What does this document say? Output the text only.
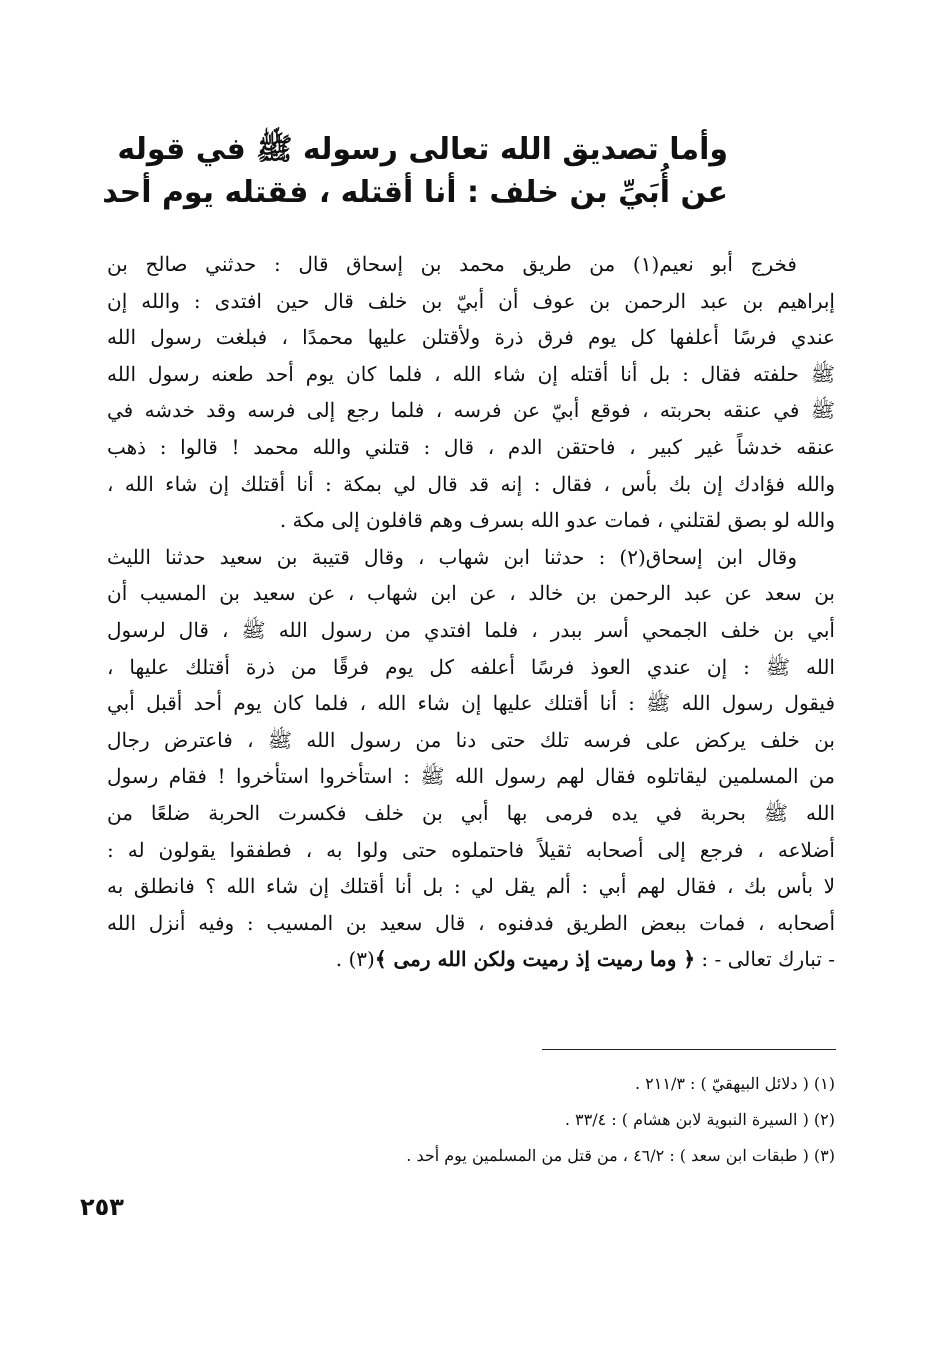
وأما تصديق الله تعالى رسوله ﷺ في قوله
عن أُبَيِّ بن خلف : أنا أقتله ، فقتله يوم أحد
فخرج أبو نعيم(١) من طريق محمد بن إسحاق قال : حدثني صالح بن
إبراهيم بن عبد الرحمن بن عوف أن أبيّ بن خلف قال حين افتدى : والله إن
عندي فرسًا أعلفها كل يوم فرق ذرة ولأقتلن عليها محمدًا ، فبلغت رسول الله
ﷺ حلفته فقال : بل أنا أقتله إن شاء الله ، فلما كان يوم أحد طعنه رسول الله
ﷺ في عنقه بحربته ، فوقع أبيّ عن فرسه ، فلما رجع إلى فرسه وقد خدشه في
عنقه خدشاً غير كبير ، فاحتقن الدم ، قال : قتلني والله محمد ! قالوا : ذهب
والله فؤادك إن بك بأس ، فقال : إنه قد قال لي بمكة : أنا أقتلك إن شاء الله ،
والله لو بصق لقتلني ، فمات عدو الله بسرف وهم قافلون إلى مكة .
وقال ابن إسحاق(٢) : حدثنا ابن شهاب ، وقال قتيبة بن سعيد حدثنا الليث
بن سعد عن عبد الرحمن بن خالد ، عن ابن شهاب ، عن سعيد بن المسيب أن
أبي بن خلف الجمحي أسر ببدر ، فلما افتدي من رسول الله ﷺ ، قال لرسول
الله ﷺ : إن عندي العوذ فرسًا أعلفه كل يوم فرقًا من ذرة أقتلك عليها ،
فيقول رسول الله ﷺ : أنا أقتلك عليها إن شاء الله ، فلما كان يوم أحد أقبل أبي
بن خلف يركض على فرسه تلك حتى دنا من رسول الله ﷺ ، فاعترض رجال
من المسلمين ليقاتلوه فقال لهم رسول الله ﷺ : استأخروا استأخروا ! فقام رسول
الله ﷺ بحربة في يده فرمى بها أبي بن خلف فكسرت الحربة ضلعًا من
أضلاعه ، فرجع إلى أصحابه ثقيلاً فاحتملوه حتى ولوا به ، فطفقوا يقولون له :
لا بأس بك ، فقال لهم أبي : ألم يقل لي : بل أنا أقتلك إن شاء الله ؟ فانطلق به
أصحابه ، فمات ببعض الطريق فدفنوه ، قال سعيد بن المسيب : وفيه أنزل الله
- تبارك تعالى - : ﴿ وما رميت إذ رميت ولكن الله رمى ﴾(٣) .
(١) ( دلائل البيهقيّ ) : ٢١١/٣ .
(٢) ( السيرة النبوية لابن هشام ) : ٣٣/٤ .
(٣) ( طبقات ابن سعد ) : ٤٦/٢ ، من قتل من المسلمين يوم أحد .
٢٥٣
